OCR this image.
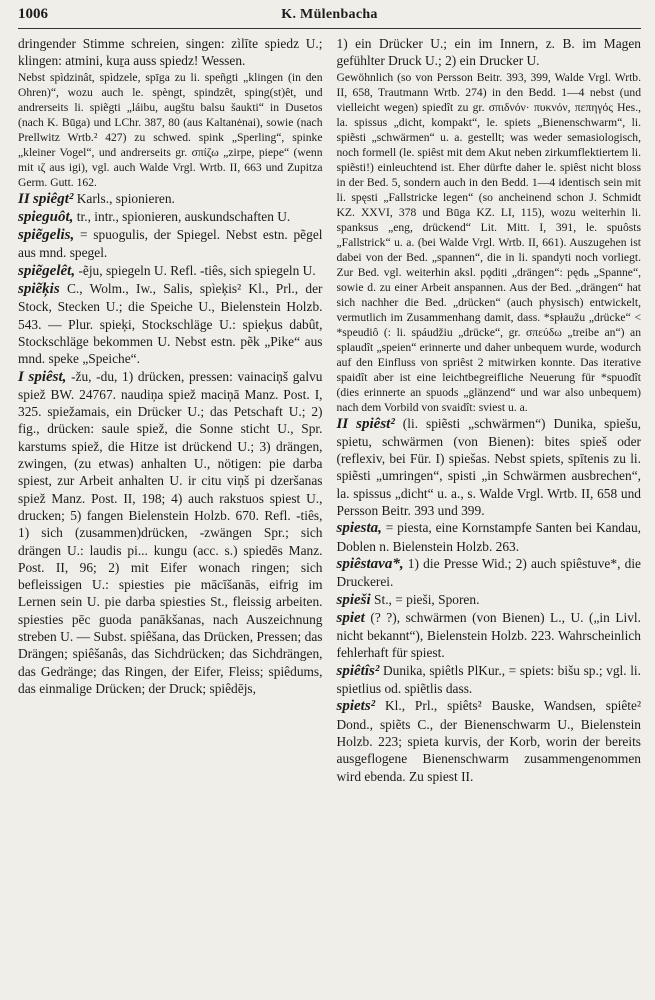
1006	K. Mülenbacha

dringender Stimme schreien, singen: zìlīte spiedz U.; klingen: atmini, kuṟa auss spiedz! Wessen.

Nebst spìdzinât, spìdzele, spīga zu li. speñgti „klingen (in den Ohren)“, wozu auch le. spèngt, spindzêt, sping(st)êt, und andrerseits li. spiẽgti „láibu, augštu balsu šaukti“ in Dusetos (nach K. Būga) und LChr. 387, 80 (aus Kaltanėnai), sowie (nach Prellwitz Wrtb.² 427) zu schwed. spink „Sperling“, spinke „kleiner Vogel“, und andrerseits gr. σπίζω „zirpe, piepe“ (wenn mit ιζ aus igi), vgl. auch Walde Vrgl. Wrtb. II, 663 und Zupitza Germ. Gutt. 162.

II spiêgt² Karls., spionieren.

spieguôt, tr., intr., spionieren, auskundschaften U.

spiẽgelis, = spuogulis, der Spiegel. Nebst estn. pẽgel aus mnd. spegel.

spiẽgelêt, -ẽju, spiegeln U. Refl. -tiês, sich spiegeln U.

spiẽķis C., Wolm., Iw., Salis, spìeķis² Kl., Prl., der Stock, Stecken U.; die Speiche U., Bielenstein Holzb. 543. — Plur. spieķi, Stockschläge U.: spieķus dabût, Stockschläge bekommen U. Nebst estn. pẽk „Pike“ aus mnd. speke „Speiche“.

I spiêst, -žu, -du, 1) drücken, pressen: vainaciņš galvu spiež BW. 24767. naudiņa spiež maciņā Manz. Post. I, 325. spiežamais, ein Drücker U.; das Petschaft U.; 2) fig., drücken: saule spiež, die Sonne sticht U., Spr. karstums spiež, die Hitze ist drückend U.; 3) drängen, zwingen, (zu etwas) anhalten U., nötigen: pie darba spiest, zur Arbeit anhalten U. ir citu viņš pi dzeršanas spiež Manz. Post. II, 198; 4) auch rakstuos spiest U., drucken; 5) fangen Bielenstein Holzb. 670. Refl. -tiês, 1) sich (zusammen)drücken, -zwängen Spr.; sich drängen U.: laudis pi... kungu (acc. s.) spiedēs Manz. Post. II, 96; 2) mit Eifer wonach ringen; sich befleissigen U.: spiesties pie mācīšanās, eifrig im Lernen sein U. pie darba spiesties St., fleissig arbeiten. spiesties pēc guoda panākšanas, nach Auszeichnung streben U. — Subst. spiêšana, das Drücken, Pressen; das Drängen; spiêšanâs, das Sichdrücken; das Sichdrängen, das Gedränge; das Ringen, der Eifer, Fleiss; spiêdums, das einmalige Drücken; der Druck; spiêdējs,

1) ein Drücker U.; ein im Innern, z. B. im Magen gefühlter Druck U.; 2) ein Drucker U.

Gewöhnlich (so von Persson Beitr. 393, 399, Walde Vrgl. Wrtb. II, 658, Trautmann Wrtb. 274) in den Bedd. 1—4 nebst (und vielleicht wegen) spiedît zu gr. σπιδνόν· πυκνόν, πεπηγός Hes., la. spissus „dicht, kompakt“, le. spiets „Bienenschwarm“, li. spiẽsti „schwärmen“ u. a. gestellt; was weder semasiologisch, noch formell (le. spiêst mit dem Akut neben zirkumflektiertem li. spiẽsti!) einleuchtend ist. Eher dürfte daher le. spiêst nicht bloss in der Bed. 5, sondern auch in den Bedd. 1—4 identisch sein mit li. spęsti „Fallstricke legen“ (so ancheinend schon J. Schmidt KZ. XXVI, 378 und Būga KZ. LI, 115), wozu weiterhin li. spanksus „eng, drückend“ Lit. Mitt. I, 391, le. spuôsts „Fallstrick“ u. a. (bei Walde Vrgl. Wrtb. II, 661). Auszugehen ist dabei von der Bed. „spannen“, die in li. spandyti noch vorliegt. Zur Bed. vgl. weiterhin aksl. pǫditi „drängen“: pędь „Spanne“, sowie d. zu einer Arbeit anspannen. Aus der Bed. „drängen“ hat sich nachher die Bed. „drücken“ (auch physisch) entwickelt, vermutlich im Zusammenhang damit, dass. *spłaužu „drücke“ < *speudiô (: li. spáudžiu „drücke“, gr. σπεύδω „treibe an“) an splaudît „speien“ erinnerte und daher unbequem wurde, wodurch auf den Einfluss von spriêst 2 mitwirken konnte. Das iterative spaidît aber ist eine leichtbegreifliche Neuerung für *spuodît (dies erinnerte an spuods „glänzend“ und war also unbequem) nach dem Vorbild von svaidît: sviest u. a.

II spiêst² (li. spiẽsti „schwärmen“) Dunika, spiešu, spietu, schwärmen (von Bienen): bites spieš oder (reflexiv, bei Für. I) spiešas. Nebst spiets, spītenis zu li. spiẽsti „umringen“, spisti „in Schwärmen ausbrechen“, la. spissus „dicht“ u. a., s. Walde Vrgl. Wrtb. II, 658 und Persson Beitr. 393 und 399.

spiesta, = piesta, eine Kornstampfe Santen bei Kandau, Doblen n. Bielenstein Holzb. 263.

spiêstava*, 1) die Presse Wid.; 2) auch spiêstuve*, die Druckerei.

spieši St., = pieši, Sporen.

spiet (? ?), schwärmen (von Bienen) L., U. („in Livl. nicht bekannt“), Bielenstein Holzb. 223. Wahrscheinlich fehlerhaft für spiest.

spiêtîs² Dunika, spiêtls PlKur., = spiets: bišu sp.; vgl. li. spietlius od. spiẽtlis dass.

spiets² Kl., Prl., spiêts² Bauske, Wandsen, spiête² Dond., spiẽts C., der Bienenschwarm U., Bielenstein Holzb. 223; spieta kurvis, der Korb, worin der bereits ausgeflogene Bienenschwarm zusammengenommen wird ebenda. Zu spiest II.
